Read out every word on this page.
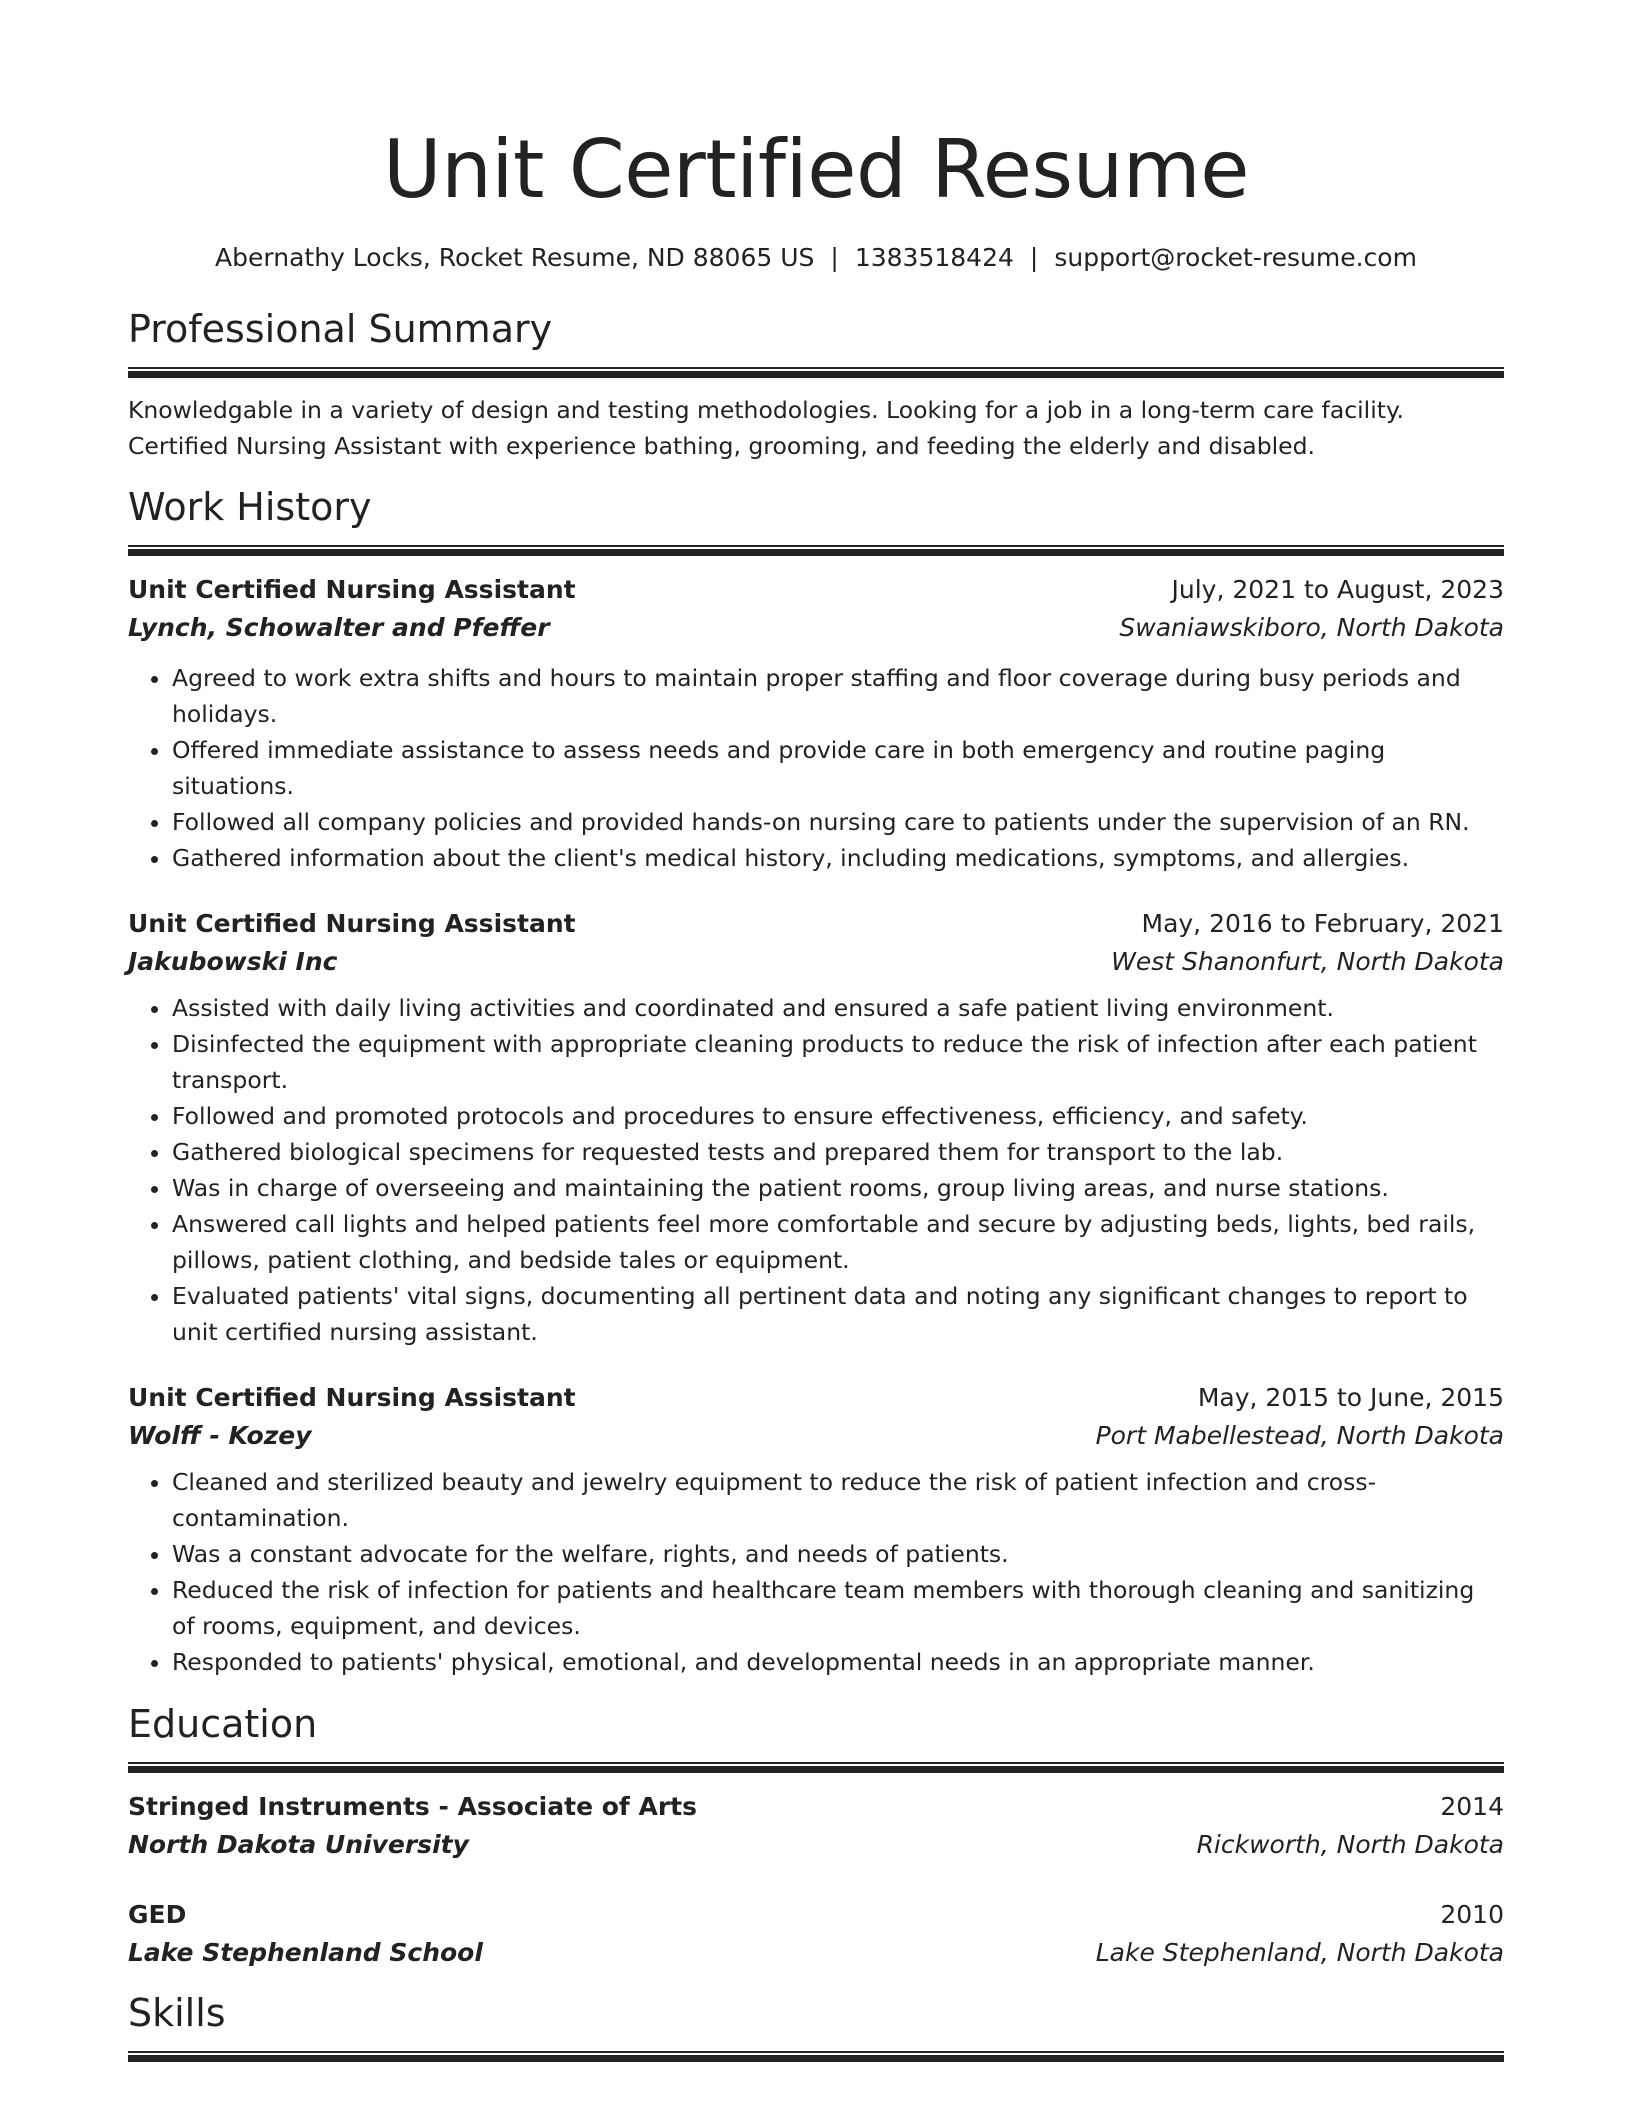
Unit Certified Resume
Abernathy Locks, Rocket Resume, ND 88065 US | 1383518424 | support@rocket-resume.com
Professional Summary

Knowledgable in a variety of design and testing methodologies. Looking for a job in a long-term care facility. Certified Nursing Assistant with experience bathing, grooming, and feeding the elderly and disabled.

Work History
Unit Certified Nursing Assistant	July, 2021 to August, 2023
Lynch, Schowalter and Pfeffer	Swaniawskiboro, North Dakota
• Agreed to work extra shifts and hours to maintain proper staffing and floor coverage during busy periods and holidays.
• Offered immediate assistance to assess needs and provide care in both emergency and routine paging situations.
• Followed all company policies and provided hands-on nursing care to patients under the supervision of an RN.
• Gathered information about the client's medical history, including medications, symptoms, and allergies.
Unit Certified Nursing Assistant	May, 2016 to February, 2021
Jakubowski Inc	West Shanonfurt, North Dakota
• Assisted with daily living activities and coordinated and ensured a safe patient living environment.
• Disinfected the equipment with appropriate cleaning products to reduce the risk of infection after each patient transport.
• Followed and promoted protocols and procedures to ensure effectiveness, efficiency, and safety.
• Gathered biological specimens for requested tests and prepared them for transport to the lab.
• Was in charge of overseeing and maintaining the patient rooms, group living areas, and nurse stations.
• Answered call lights and helped patients feel more comfortable and secure by adjusting beds, lights, bed rails, pillows, patient clothing, and bedside tales or equipment.
• Evaluated patients' vital signs, documenting all pertinent data and noting any significant changes to report to unit certified nursing assistant.
Unit Certified Nursing Assistant	May, 2015 to June, 2015
Wolff - Kozey	Port Mabellestead, North Dakota
• Cleaned and sterilized beauty and jewelry equipment to reduce the risk of patient infection and cross-contamination.
• Was a constant advocate for the welfare, rights, and needs of patients.
• Reduced the risk of infection for patients and healthcare team members with thorough cleaning and sanitizing of rooms, equipment, and devices.
• Responded to patients' physical, emotional, and developmental needs in an appropriate manner.
Education
Stringed Instruments - Associate of Arts	2014
North Dakota University	Rickworth, North Dakota
GED	2010
Lake Stephenland School	Lake Stephenland, North Dakota
Skills
